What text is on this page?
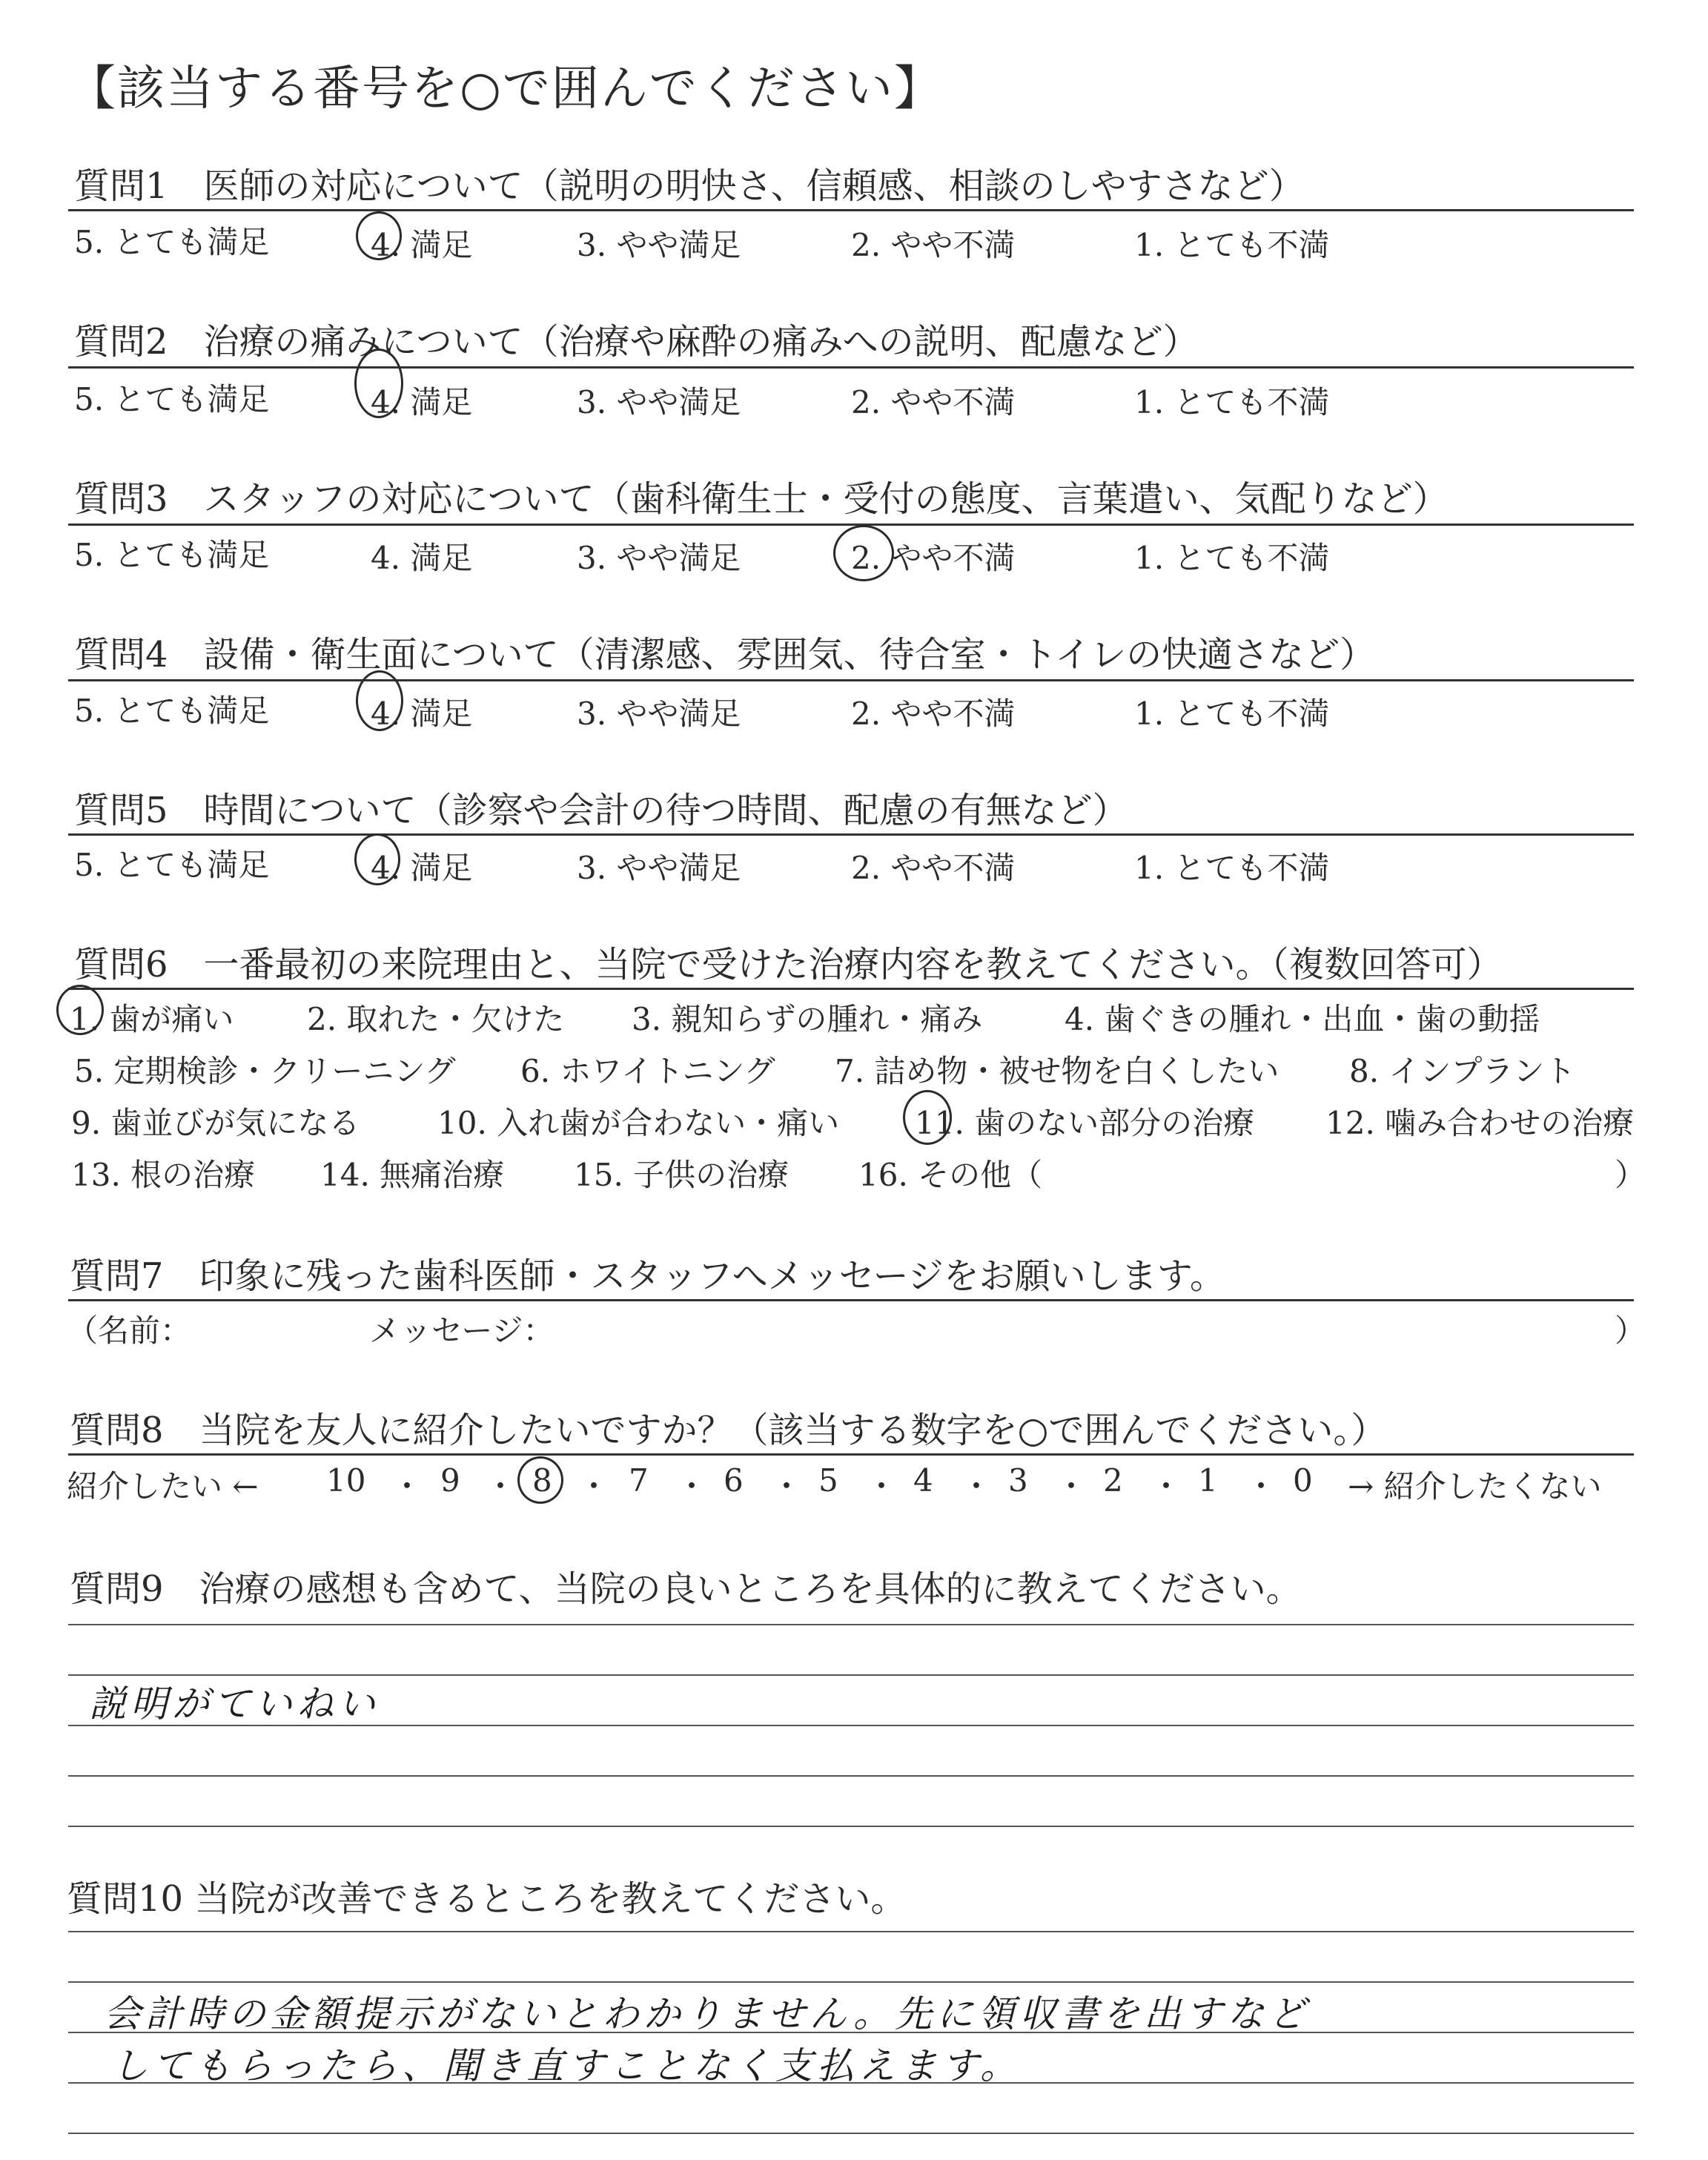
【該当する番号を○で囲んでください】
質問1　医師の対応について（説明の明快さ、信頼感、相談のしやすさなど）
5. とても満足	4. 満足	3. やや満足	2. やや不満	1. とても不満
質問2　治療の痛みについて（治療や麻酔の痛みへの説明、配慮など）
5. とても満足	4. 満足	3. やや満足	2. やや不満	1. とても不満
質問3　スタッフの対応について（歯科衛生士・受付の態度、言葉遣い、気配りなど）
5. とても満足	4. 満足	3. やや満足	2. やや不満	1. とても不満
質問4　設備・衛生面について（清潔感、雰囲気、待合室・トイレの快適さなど）
5. とても満足	4. 満足	3. やや満足	2. やや不満	1. とても不満
質問5　時間について（診察や会計の待つ時間、配慮の有無など）
5. とても満足	4. 満足	3. やや満足	2. やや不満	1. とても不満
質問6　一番最初の来院理由と、当院で受けた治療内容を教えてください。（複数回答可）
1. 歯が痛い 2. 取れた・欠けた 3. 親知らずの腫れ・痛み	4. 歯ぐきの腫れ・出血・歯の動揺
5. 定期検診・クリーニング 6. ホワイトニング 7. 詰め物・被せ物を白くしたい 8. インプラント
9. 歯並びが気になる 10. 入れ歯が合わない・痛い 11. 歯のない部分の治療 12. 噛み合わせの治療
13. 根の治療 14. 無痛治療 15. 子供の治療 16. その他（	）
質問7　印象に残った歯科医師・スタッフへメッセージをお願いします。
（名前：	メッセージ：	）
質問8　当院を友人に紹介したいですか？（該当する数字を○で囲んでください。）
紹介したい ← 10 ・ 9 ・ 8 ・ 7 ・ 6 ・ 5 ・ 4 ・ 3 ・ 2 ・ 1 ・ 0 → 紹介したくない
質問9　治療の感想も含めて、当院の良いところを具体的に教えてください。
説明がていねい
質問10 当院が改善できるところを教えてください。
会計時の金額提示がないとわかりません。先に領収書を出すなど
してもらったら、聞き直すことなく支払えます。
